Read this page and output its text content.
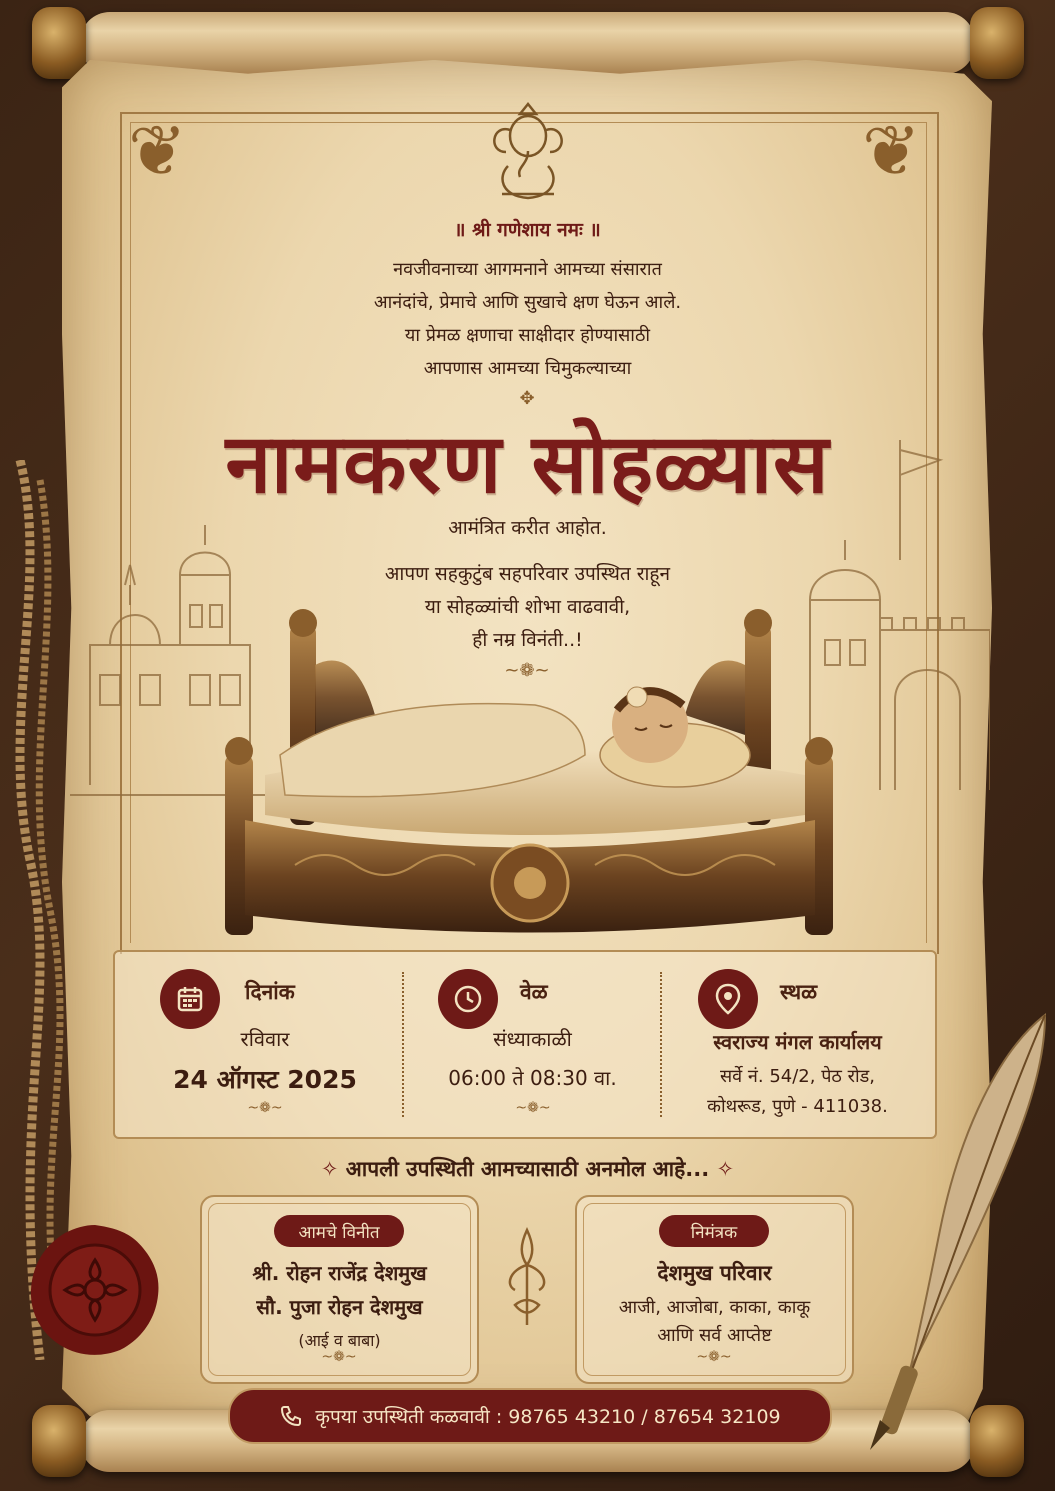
❦	❦
॥ श्री गणेशाय नमः ॥
नवजीवनाच्या आगमनाने आमच्या संसारात
आनंदांचे, प्रेमाचे आणि सुखाचे क्षण घेऊन आले.
या प्रेमळ क्षणाचा साक्षीदार होण्यासाठी
आपणास आमच्या चिमुकल्याच्या
✥
नामकरण सोहळ्यास
आमंत्रित करीत आहोत.
आपण सहकुटुंब सहपरिवार उपस्थित राहून
या सोहळ्यांची शोभा वाढवावी,
ही नम्र विनंती..!
~❁~
दिनांक
रविवार
24 ऑगस्ट 2025
~❁~
वेळ
संध्याकाळी
06:00 ते 08:30 वा.
~❁~
स्थळ
स्वराज्य मंगल कार्यालय
सर्वे नं. 54/2, पेठ रोड,
कोथरूड, पुणे - 411038.
✧ आपली उपस्थिती आमच्यासाठी अनमोल आहे... ✧
आमचे विनीत
श्री. रोहन राजेंद्र देशमुख
सौ. पुजा रोहन देशमुख
(आई व बाबा)
~❁~
निमंत्रक
देशमुख परिवार
आजी, आजोबा, काका, काकू
आणि सर्व आप्तेष्ट
~❁~
कृपया उपस्थिती कळवावी : 98765 43210 / 87654 32109
